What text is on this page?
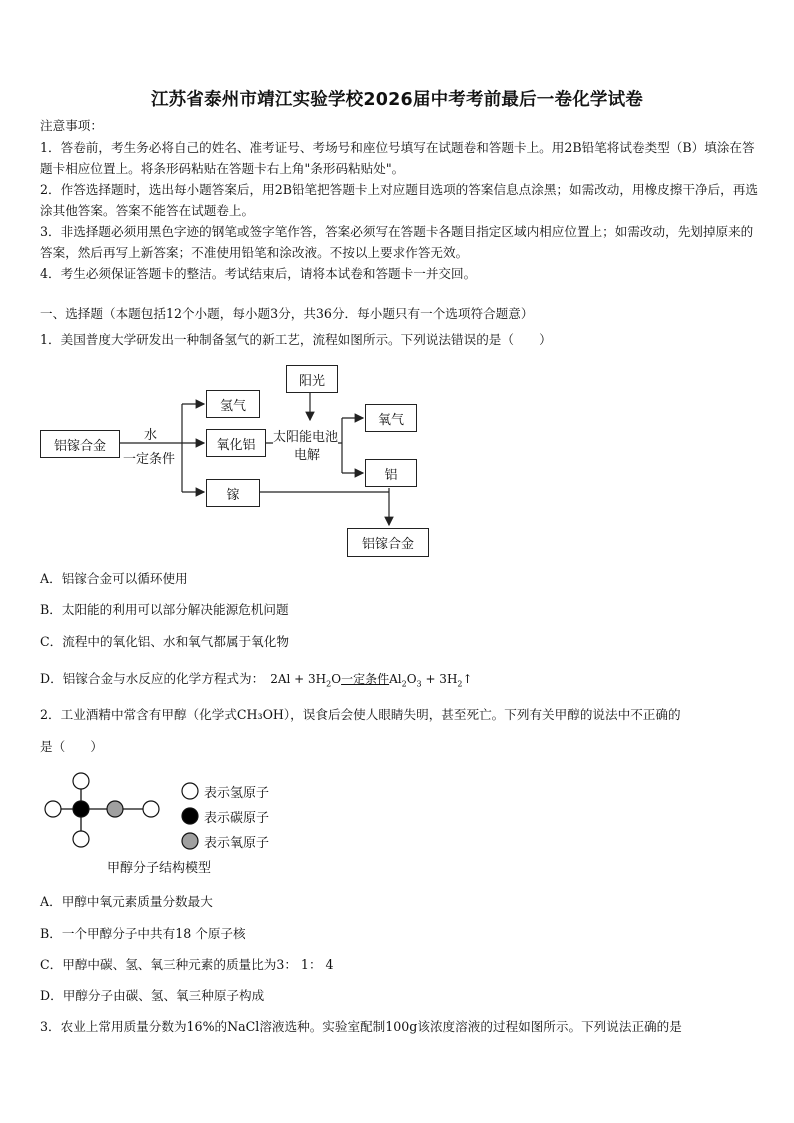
江苏省泰州市靖江实验学校2026届中考考前最后一卷化学试卷
注意事项：
1．答卷前，考生务必将自己的姓名、准考证号、考场号和座位号填写在试题卷和答题卡上。用2B铅笔将试卷类型（B）填涂在答题卡相应位置上。将条形码粘贴在答题卡右上角"条形码粘贴处"。
2．作答选择题时，选出每小题答案后，用2B铅笔把答题卡上对应题目选项的答案信息点涂黑；如需改动，用橡皮擦干净后，再选涂其他答案。答案不能答在试题卷上。
3．非选择题必须用黑色字迹的钢笔或签字笔作答，答案必须写在答题卡各题目指定区域内相应位置上；如需改动，先划掉原来的答案，然后再写上新答案；不准使用铅笔和涂改液。不按以上要求作答无效。
4．考生必须保证答题卡的整洁。考试结束后，请将本试卷和答题卡一并交回。
一、选择题（本题包括12个小题，每小题3分，共36分．每小题只有一个选项符合题意）
1．美国普度大学研发出一种制备氢气的新工艺，流程如图所示。下列说法错误的是（　　）
铝镓合金
水
一定条件
氢气
氧化铝
镓
阳光
太阳能电池
电解
氧气
铝
铝镓合金
A．铝镓合金可以循环使用
B．太阳能的利用可以部分解决能源危机问题
C．流程中的氧化铝、水和氧气都属于氧化物
D．铝镓合金与水反应的化学方程式为： $2Al + 3H_2O$一定条件$Al_2O_3$ + $3H_2↑$
2．工业酒精中常含有甲醇（化学式CH₃OH），误食后会使人眼睛失明，甚至死亡。下列有关甲醇的说法中不正确的
是（　　）
表示氢原子
表示碳原子
表示氧原子
甲醇分子结构模型
A．甲醇中氧元素质量分数最大
B．一个甲醇分子中共有18 个原子核
C．甲醇中碳、氢、氧三种元素的质量比为3： 1： 4
D．甲醇分子由碳、氢、氧三种原子构成
3．农业上常用质量分数为16%的NaCl溶液选种。实验室配制100g该浓度溶液的过程如图所示。下列说法正确的是
